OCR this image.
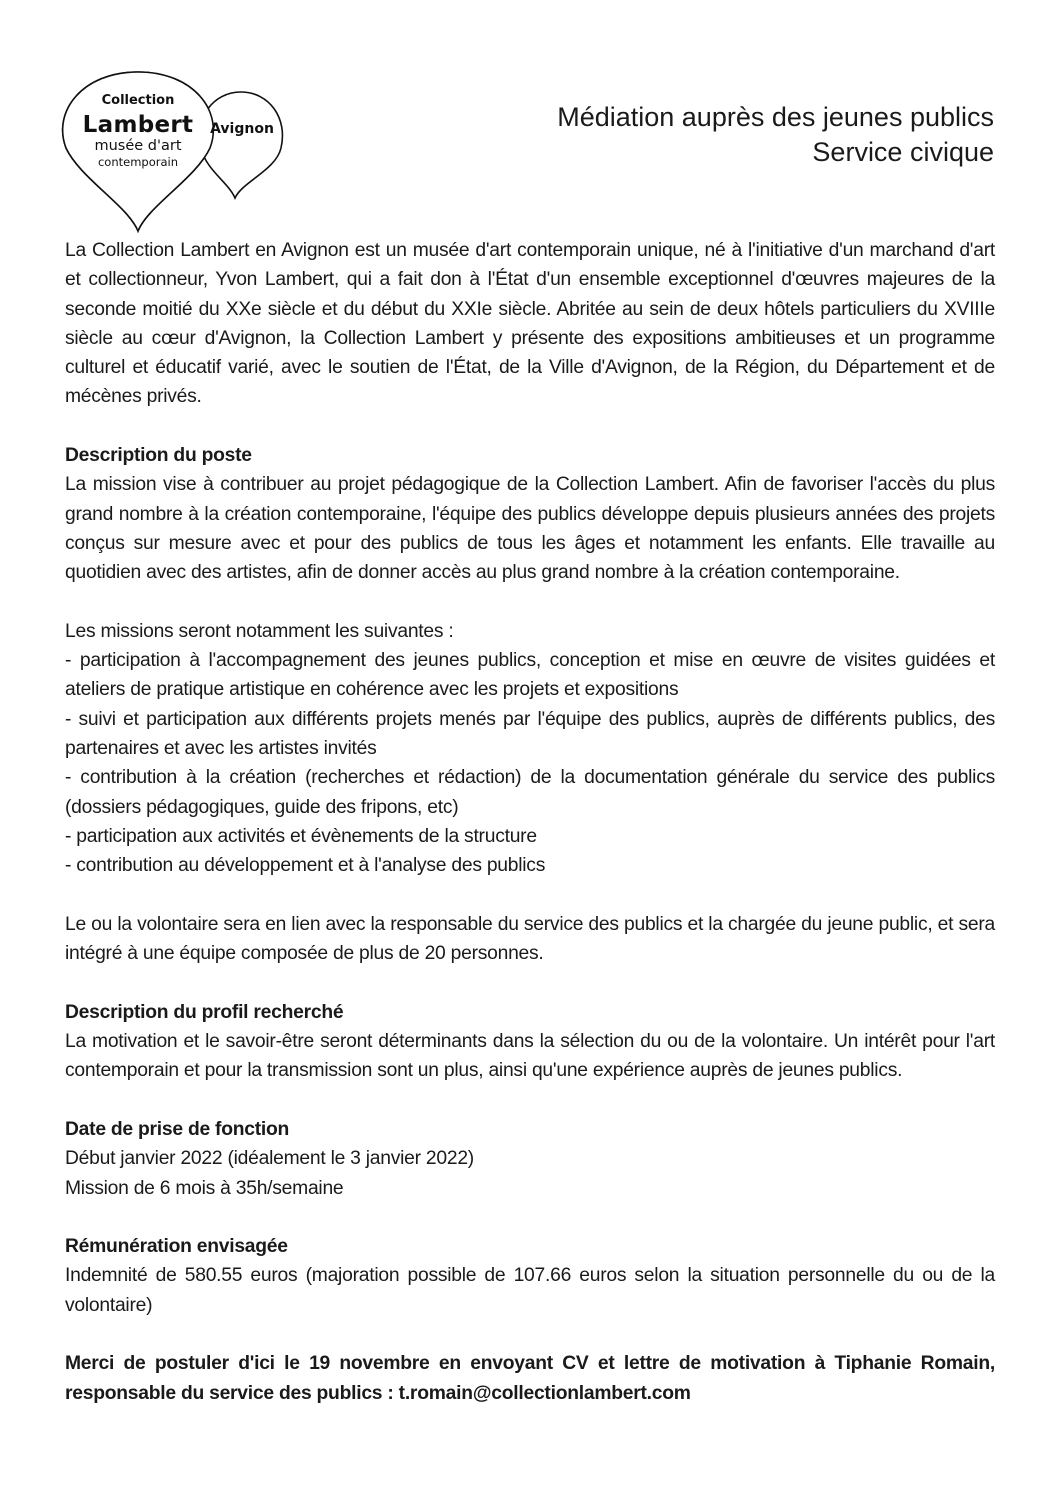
Collection
Lambert
musée d'art
contemporain
Avignon	Médiation auprès des jeunes publics
Service civique

La Collection Lambert en Avignon est un musée d'art contemporain unique, né à l'initiative d'un marchand d'art et collectionneur, Yvon Lambert, qui a fait don à l'État d'un ensemble exceptionnel d'œuvres majeures de la seconde moitié du XXe siècle et du début du XXIe siècle. Abritée au sein de deux hôtels particuliers du XVIIIe siècle au cœur d'Avignon, la Collection Lambert y présente des expositions ambitieuses et un programme culturel et éducatif varié, avec le soutien de l'État, de la Ville d'Avignon, de la Région, du Département et de mécènes privés.

Description du poste

La mission vise à contribuer au projet pédagogique de la Collection Lambert. Afin de favoriser l'accès du plus grand nombre à la création contemporaine, l'équipe des publics développe depuis plusieurs années des projets conçus sur mesure avec et pour des publics de tous les âges et notamment les enfants. Elle travaille au quotidien avec des artistes, afin de donner accès au plus grand nombre à la création contemporaine.

Les missions seront notamment les suivantes :

- participation à l'accompagnement des jeunes publics, conception et mise en œuvre de visites guidées et ateliers de pratique artistique en cohérence avec les projets et expositions

- suivi et participation aux différents projets menés par l'équipe des publics, auprès de différents publics, des partenaires et avec les artistes invités

- contribution à la création (recherches et rédaction) de la documentation générale du service des publics (dossiers pédagogiques, guide des fripons, etc)

- participation aux activités et évènements de la structure

- contribution au développement et à l'analyse des publics

Le ou la volontaire sera en lien avec la responsable du service des publics et la chargée du jeune public, et sera intégré à une équipe composée de plus de 20 personnes.

Description du profil recherché

La motivation et le savoir-être seront déterminants dans la sélection du ou de la volontaire. Un intérêt pour l'art contemporain et pour la transmission sont un plus, ainsi qu'une expérience auprès de jeunes publics.

Date de prise de fonction

Début janvier 2022 (idéalement le 3 janvier 2022)

Mission de 6 mois à 35h/semaine

Rémunération envisagée

Indemnité de 580.55 euros (majoration possible de 107.66 euros selon la situation personnelle du ou de la volontaire)

Merci de postuler d'ici le 19 novembre en envoyant CV et lettre de motivation à Tiphanie Romain, responsable du service des publics : t.romain@collectionlambert.com
